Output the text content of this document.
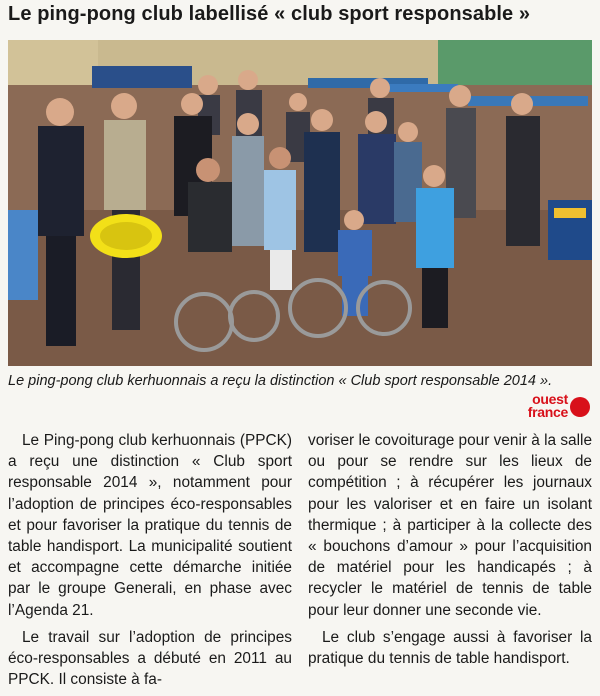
Le ping-pong club labellisé « club sport responsable »
Le ping-pong club kerhuonnais a reçu la distinction « Club sport responsable 2014 ».
ouest
france

Le Ping-pong club kerhuonnais (PPCK) a reçu une distinction « Club sport responsable 2014 », notamment pour l’adoption de principes éco-responsables et pour favoriser la pratique du tennis de table handisport. La municipalité soutient et accompagne cette démarche initiée par le groupe Generali, en phase avec l’Agenda 21.

Le travail sur l’adoption de principes éco-responsables a débuté en 2011 au PPCK. Il consiste à fa-

voriser le covoiturage pour venir à la salle ou pour se rendre sur les lieux de compétition ; à récupérer les journaux pour les valoriser et en faire un isolant thermique ; à participer à la collecte des « bouchons d’amour » pour l’acquisition de matériel pour les handicapés ; à recycler le matériel de tennis de table pour leur donner une seconde vie.

Le club s’engage aussi à favoriser la pratique du tennis de table handisport.
